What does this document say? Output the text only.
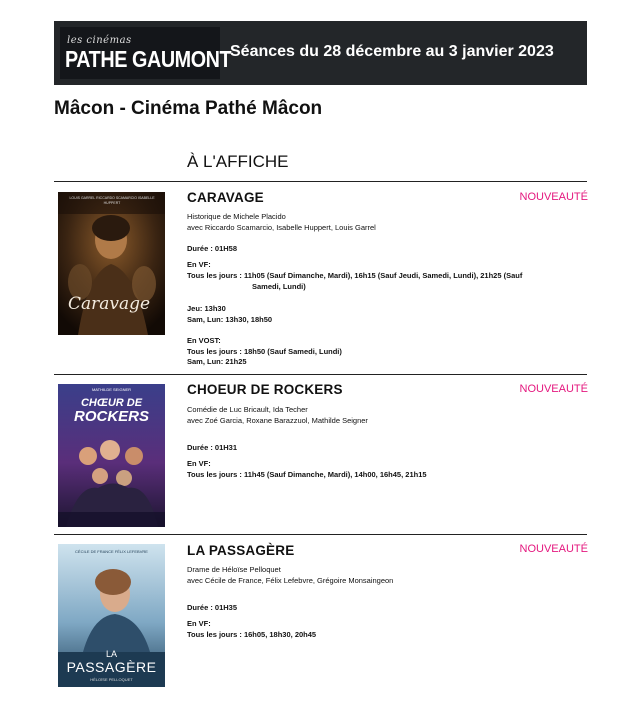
les cinémas
PATHE GAUMONT
Séances du 28 décembre au 3 janvier 2023
Mâcon - Cinéma Pathé Mâcon
À L'AFFICHE
LOUIS GARREL RICCARDO SCAMARCIO ISABELLE HUPPERT
Caravage
CARAVAGE	NOUVEAUTÉ
Historique de Michele Placido
avec Riccardo Scamarcio, Isabelle Huppert, Louis Garrel
Durée : 01H58
En VF:
Tous les jours : 11h05 (Sauf Dimanche, Mardi), 16h15 (Sauf Jeudi, Samedi, Lundi), 21h25 (Sauf
Samedi, Lundi)
Jeu: 13h30
Sam, Lun: 13h30, 18h50
En VOST:
Tous les jours : 18h50 (Sauf Samedi, Lundi)
Sam, Lun: 21h25
MATHILDE SEIGNER
CHŒUR DE
ROCKERS
CHOEUR DE ROCKERS	NOUVEAUTÉ
Comédie de Luc Bricault, Ida Techer
avec Zoé Garcia, Roxane Barazzuol, Mathilde Seigner
Durée : 01H31
En VF:
Tous les jours : 11h45 (Sauf Dimanche, Mardi), 14h00, 16h45, 21h15
CÉCILE DE FRANCE FÉLIX LEFEBVRE
LA
PASSAGÈRE
HÉLOÏSE PELLOQUET
LA PASSAGÈRE	NOUVEAUTÉ
Drame de Héloïse Pelloquet
avec Cécile de France, Félix Lefebvre, Grégoire Monsaingeon
Durée : 01H35
En VF:
Tous les jours : 16h05, 18h30, 20h45
